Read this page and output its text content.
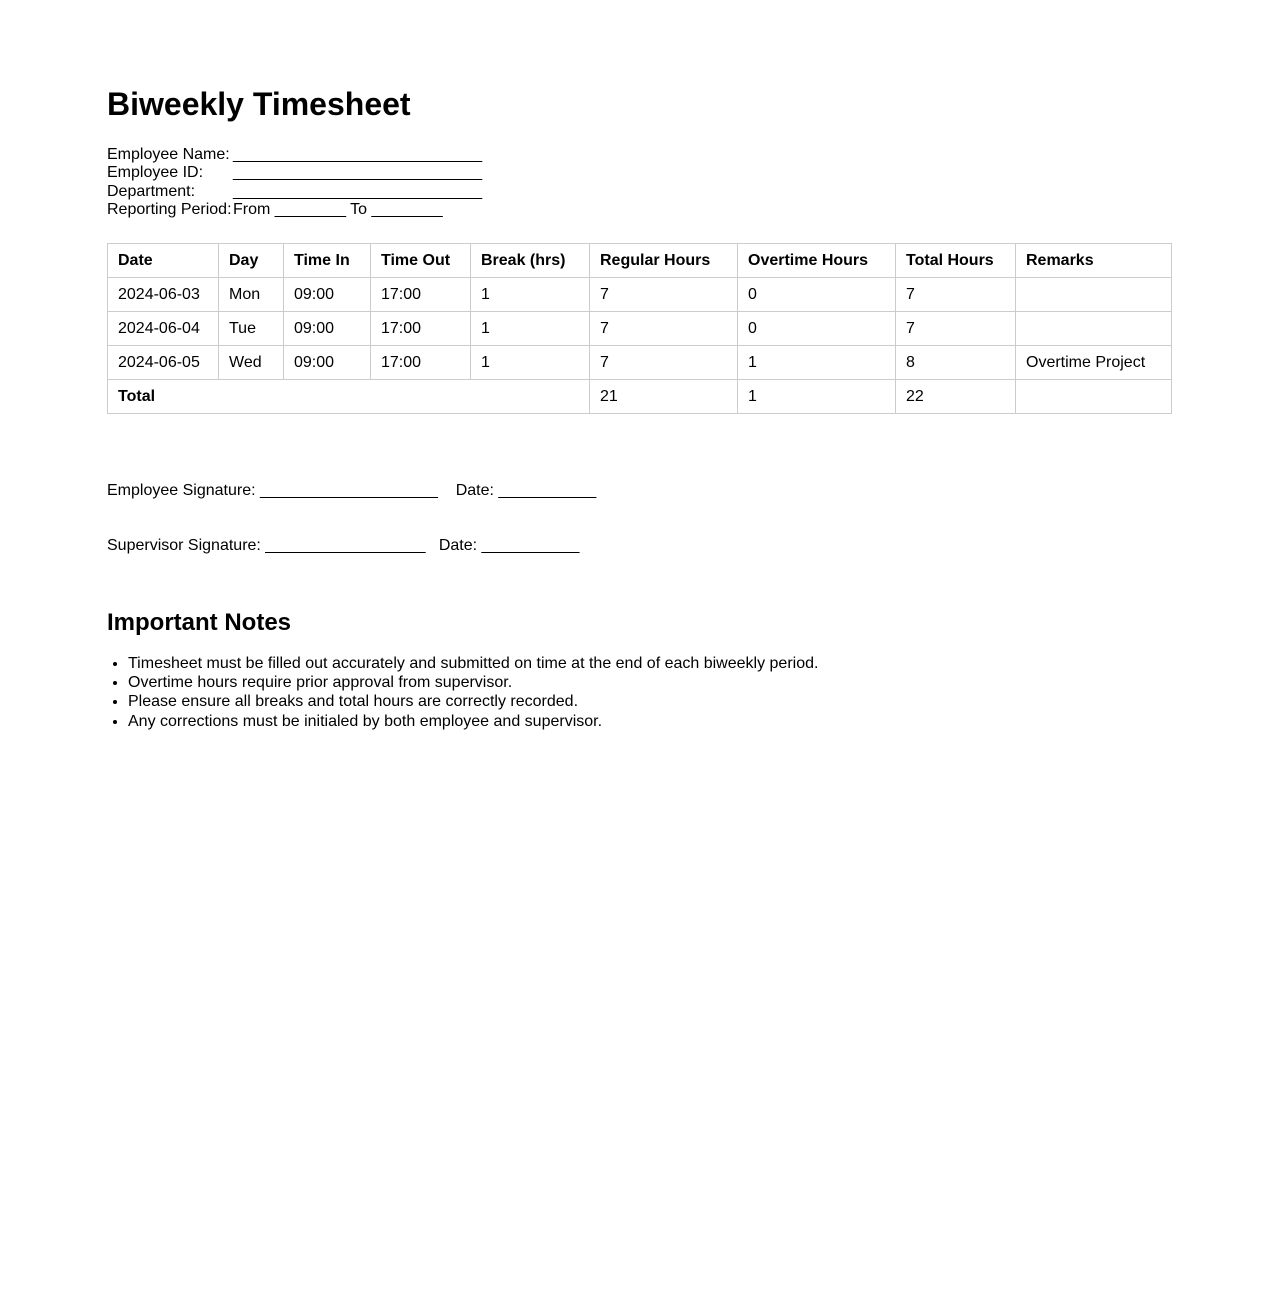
Biweekly Timesheet
Employee Name: ____________________________
Employee ID: ____________________________
Department: ____________________________
Reporting Period:From ________ To ________
Date	Day	Time In	Time Out	Break (hrs)	Regular Hours	Overtime Hours	Total Hours	Remarks
2024-06-03	Mon	09:00	17:00	1	7	0	7	
2024-06-04	Tue	09:00	17:00	1	7	0	7	
2024-06-05	Wed	09:00	17:00	1	7	1	8	Overtime Project
Total					21	1	22	

Employee Signature: ____________________    Date: ___________

Supervisor Signature: __________________   Date: ___________

Important Notes
• Timesheet must be filled out accurately and submitted on time at the end of each biweekly period.
• Overtime hours require prior approval from supervisor.
• Please ensure all breaks and total hours are correctly recorded.
• Any corrections must be initialed by both employee and supervisor.
